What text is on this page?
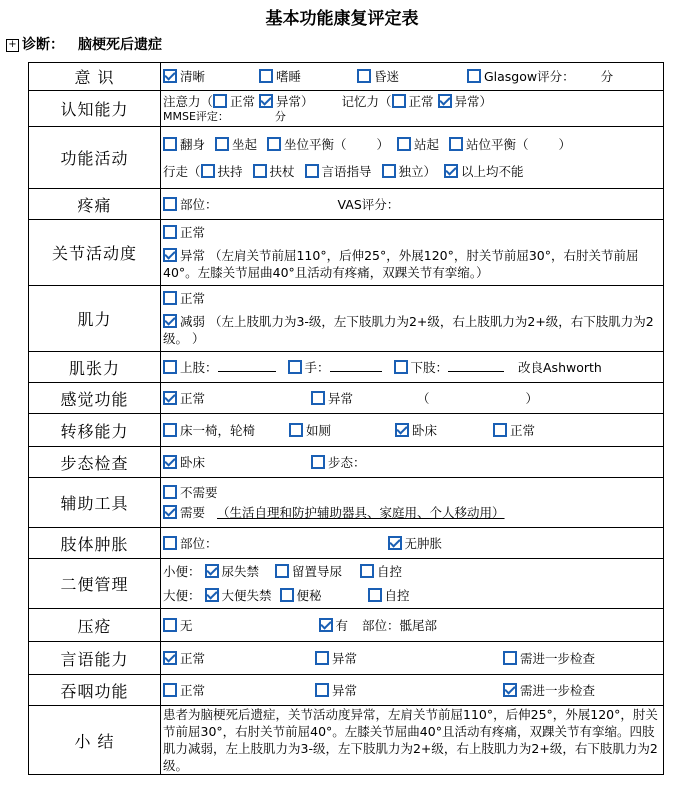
基本功能康复评定表
+ 诊断： 脑梗死后遗症
意 识	清晰 嗜睡 昏迷 Glasgow评分： 分
认知能力	注意力（ 正常 异常） 记忆力（ 正常 异常）
MMSE评定： 分

功能活动	翻身 坐起 坐位平衡（ ） 站起 站位平衡（ ）
行走（ 扶持 扶杖 言语指导 独立） 以上均不能

疼痛	部位： VAS评分：
关节活动度	正常
异常 （左肩关节前屈110°，后伸25°，外展120°，肘关节前屈30°，右肘关节前屈40°。左膝关节屈曲40°且活动有疼痛，双踝关节有挛缩。）

肌力	正常
减弱 （左上肢肌力为3-级，左下肢肌力为2+级，右上肢肌力为2+级，右下肢肌力为2级。 ）

肌张力	上肢： 手： 下肢： 改良Ashworth
感觉功能	正常 异常 （ ）
转移能力	床一椅，轮椅 如厕 卧床 正常
步态检查	卧床 步态：
辅助工具	不需要
需要 （生活自理和防护辅助器具、家庭用、个人移动用）

肢体肿胀	部位： 无肿胀
二便管理	小便： 尿失禁 留置导尿 自控
大便： 大便失禁 便秘 自控

压疮	无 有 部位：骶尾部
言语能力	正常 异常 需进一步检查
吞咽功能	正常 异常 需进一步检查
小 结	患者为脑梗死后遗症，关节活动度异常，左肩关节前屈110°，后伸25°，外展120°，肘关节前屈30°，右肘关节前屈40°。左膝关节屈曲40°且活动有疼痛，双踝关节有挛缩。四肢肌力减弱，左上肢肌力为3-级，左下肢肌力为2+级，右上肢肌力为2+级，右下肢肌力为2级。
